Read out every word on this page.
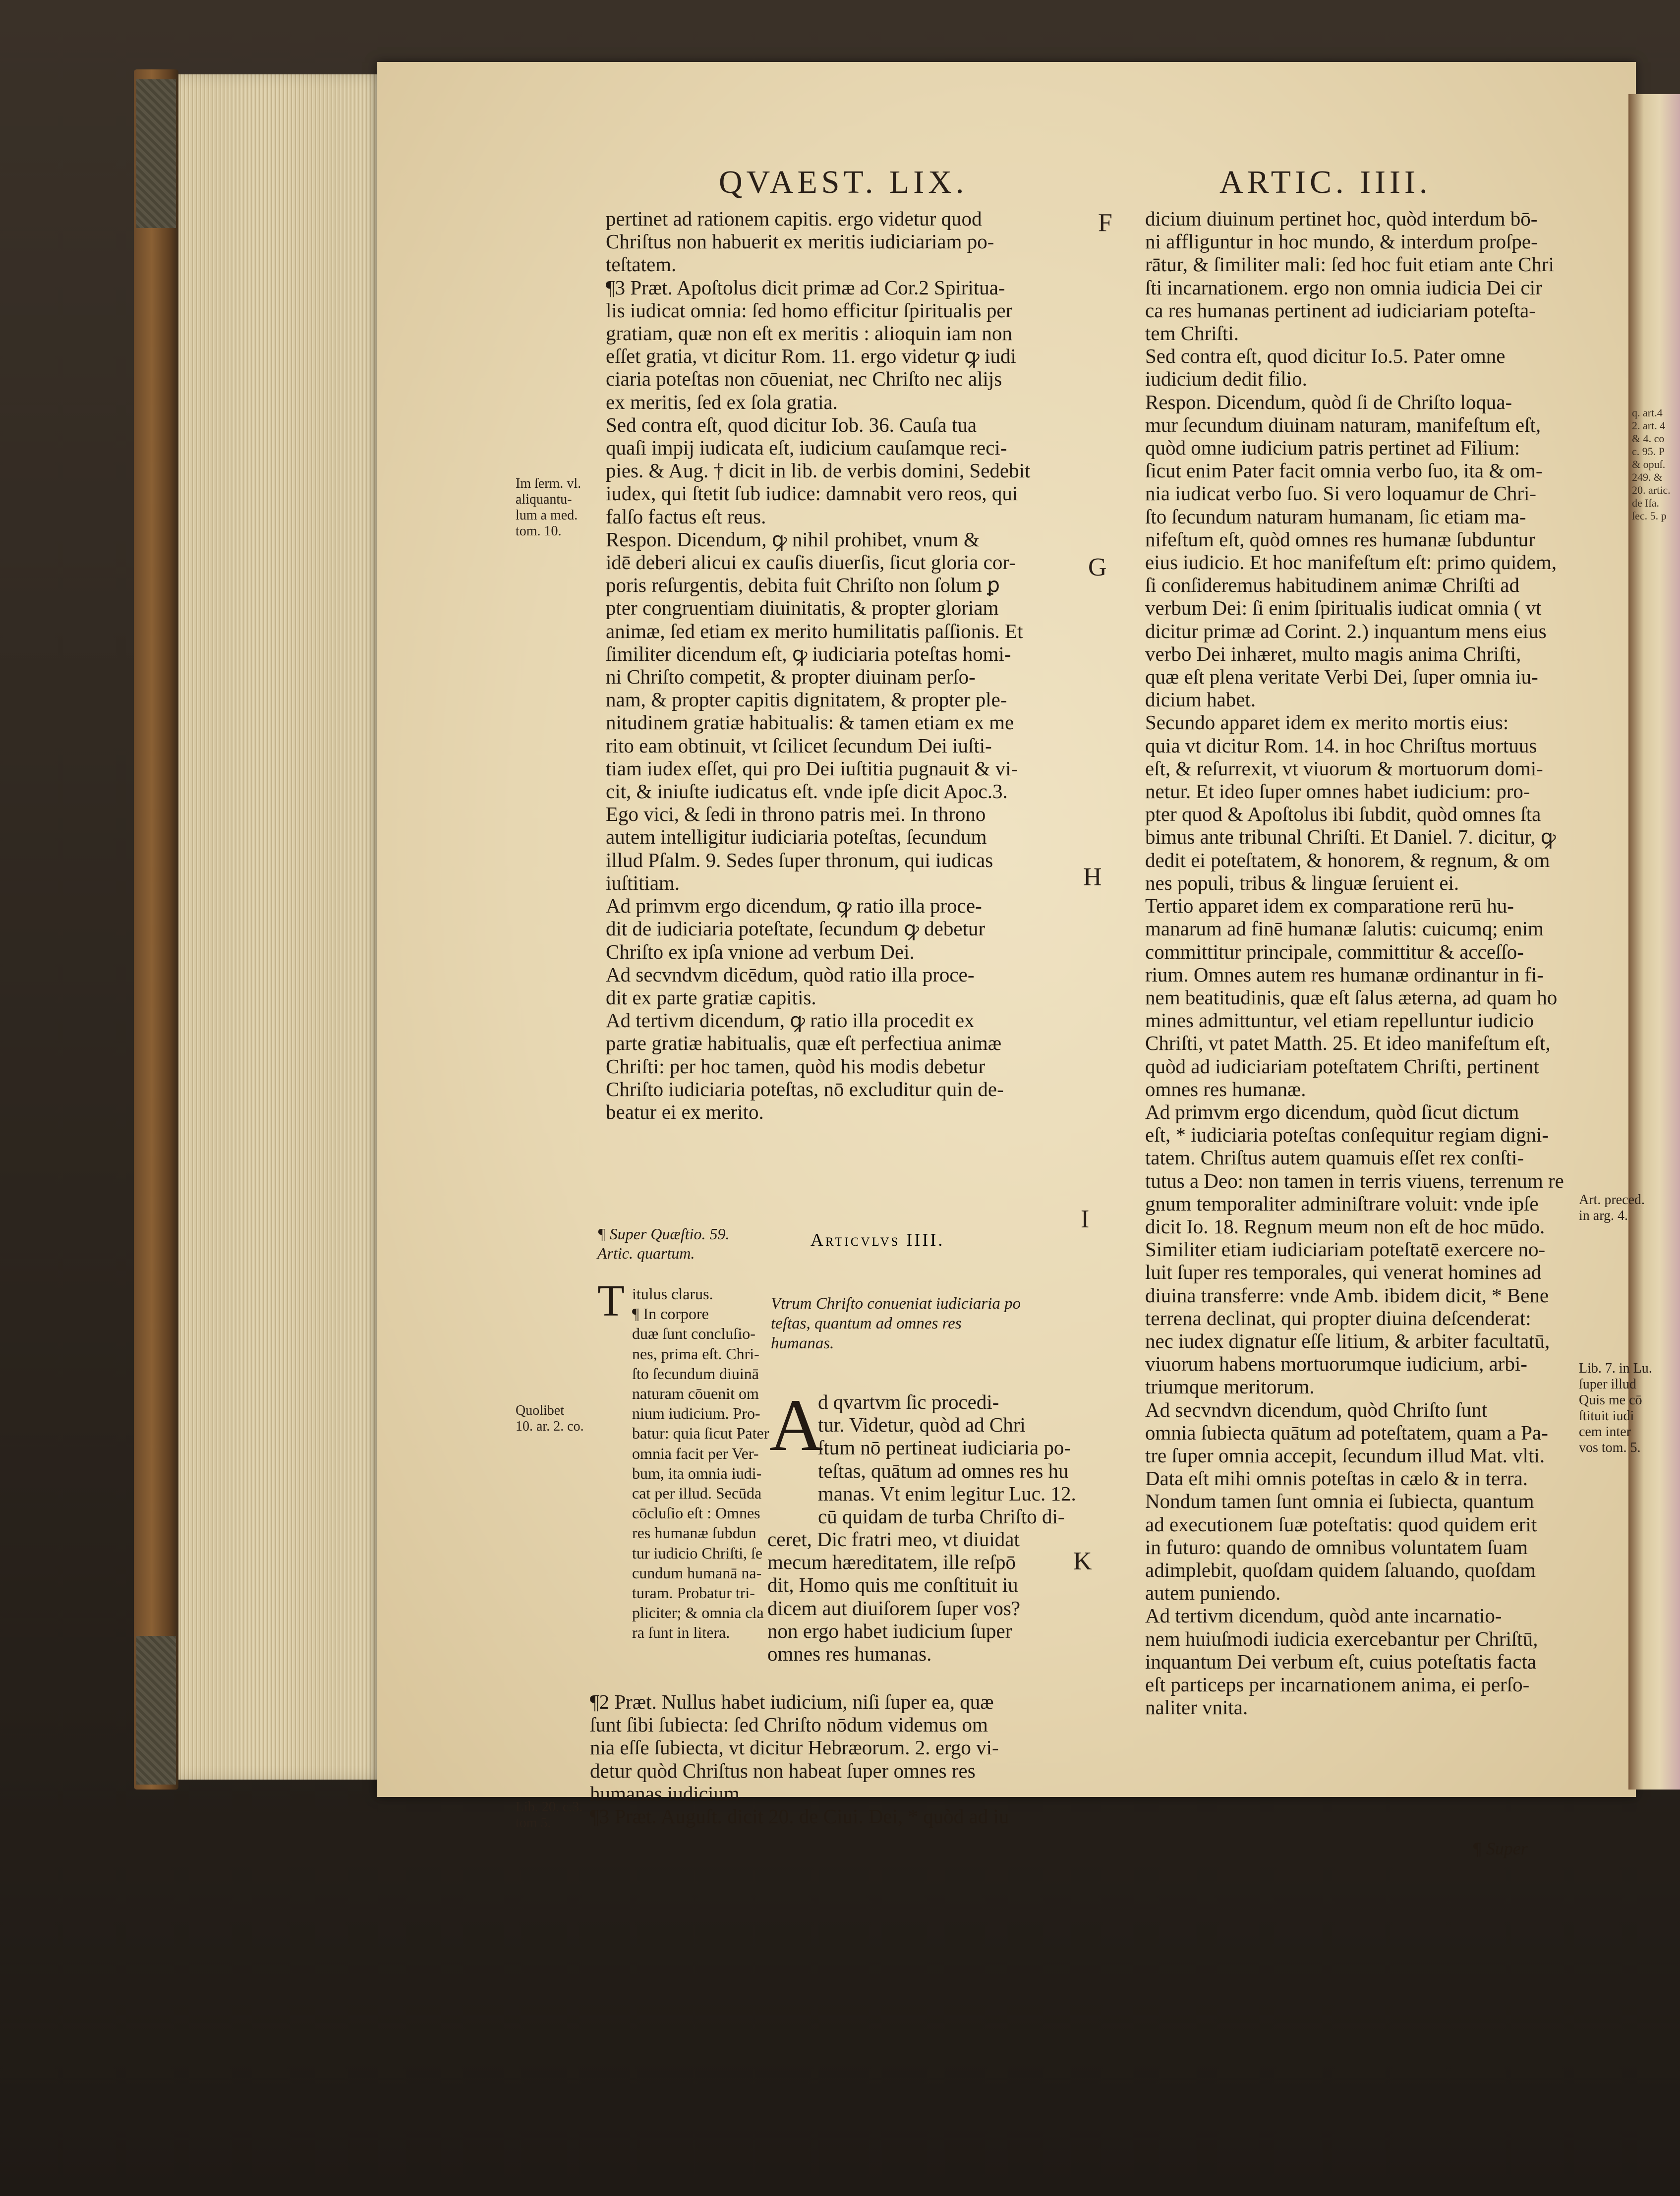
q. art.4
2. art. 4
& 4. co
c. 95. P
& opuſ.
249. &
20. artic.
de Iſa.
ſec. 5. p
QVAEST. LIX.	ARTIC. IIII.
F
G
H
I
K

pertinet ad rationem capitis. ergo videtur quod

Chriſtus non habuerit ex meritis iudiciariam po-

teſtatem.

¶3 Præt. Apoſtolus dicit primæ ad Cor.2 Spiritua-

lis iudicat omnia: ſed homo efficitur ſpiritualis per

gratiam, quæ non eſt ex meritis : alioquin iam non

eſſet gratia, vt dicitur Rom. 11. ergo videtur ꝙ iudi

ciaria poteſtas non cōueniat, nec Chriſto nec alijs

ex meritis, ſed ex ſola gratia.

Sed contra eſt, quod dicitur Iob. 36. Cauſa tua

quaſi impij iudicata eſt, iudicium cauſamque reci-

pies. & Aug. † dicit in lib. de verbis domini, Sedebit

iudex, qui ſtetit ſub iudice: damnabit vero reos, qui

falſo factus eſt reus.

Respon. Dicendum, ꝙ nihil prohibet, vnum &

idē deberi alicui ex cauſis diuerſis, ſicut gloria cor-

poris reſurgentis, debita fuit Chriſto non ſolum ꝑ

pter congruentiam diuinitatis, & propter gloriam

animæ, ſed etiam ex merito humilitatis paſſionis. Et

ſimiliter dicendum eſt, ꝙ iudiciaria poteſtas homi-

ni Chriſto competit, & propter diuinam perſo-

nam, & propter capitis dignitatem, & propter ple-

nitudinem gratiæ habitualis: & tamen etiam ex me

rito eam obtinuit, vt ſcilicet ſecundum Dei iuſti-

tiam iudex eſſet, qui pro Dei iuſtitia pugnauit & vi-

cit, & iniuſte iudicatus eſt. vnde ipſe dicit Apoc.3.

Ego vici, & ſedi in throno patris mei. In throno

autem intelligitur iudiciaria poteſtas, ſecundum

illud Pſalm. 9. Sedes ſuper thronum, qui iudicas

iuſtitiam.

Ad primvm ergo dicendum, ꝙ ratio illa proce-

dit de iudiciaria poteſtate, ſecundum ꝙ debetur

Chriſto ex ipſa vnione ad verbum Dei.

Ad secvndvm dicēdum, quòd ratio illa proce-

dit ex parte gratiæ capitis.

Ad tertivm dicendum, ꝙ ratio illa procedit ex

parte gratiæ habitualis, quæ eſt perfectiua animæ

Chriſti: per hoc tamen, quòd his modis debetur

Chriſto iudiciaria poteſtas, nō excluditur quin de-

beatur ei ex merito.

Im ſerm. vl.
aliquantu-
lum a med.
tom. 10.
Quolibet
10. ar. 2. co.
Lib. 20. c.3.
tom 5.
Art. preced.
in arg. 4.
Lib. 7. in Lu.
ſuper illud
Quis me cō
ſtituit iudi
cem inter
vos tom. 5.

¶ Super Quæſtio. 59.

Artic. quartum.

T itulus clarus.

¶ In corpore

duæ ſunt concluſio-

nes, prima eſt. Chri-

ſto ſecundum diuinā

naturam cōuenit om

nium iudicium. Pro-

batur: quia ſicut Pater

omnia facit per Ver-

bum, ita omnia iudi-

cat per illud. Secūda

cōcluſio eſt : Omnes

res humanæ ſubdun

tur iudicio Chriſti, ſe

cundum humanā na-

turam. Probatur tri-

pliciter; & omnia cla

ra ſunt in litera.

Articvlvs IIII.

Vtrum Chriſto conueniat iudiciaria po

teſtas, quantum ad omnes res

humanas.

A

d qvartvm ſic procedi-

tur. Videtur, quòd ad Chri

ſtum nō pertineat iudiciaria po-

teſtas, quātum ad omnes res hu

manas. Vt enim legitur Luc. 12.

cū quidam de turba Chriſto di-

ceret, Dic fratri meo, vt diuidat

mecum hæreditatem, ille reſpō

dit, Homo quis me conſtituit iu

dicem aut diuiſorem ſuper vos?

non ergo habet iudicium ſuper

omnes res humanas.

¶2 Præt. Nullus habet iudicium, niſi ſuper ea, quæ

ſunt ſibi ſubiecta: ſed Chriſto nōdum videmus om

nia eſſe ſubiecta, vt dicitur Hebræorum. 2. ergo vi-

detur quòd Chriſtus non habeat ſuper omnes res

humanas iudicium.

¶3 Præt. Auguſt. dicit 20. de Ciui. Dei, * quòd ad iu

dicium diuinum pertinet hoc, quòd interdum bō-

ni affliguntur in hoc mundo, & interdum proſpe-

rātur, & ſimiliter mali: ſed hoc fuit etiam ante Chri

ſti incarnationem. ergo non omnia iudicia Dei cir

ca res humanas pertinent ad iudiciariam poteſta-

tem Chriſti.

Sed contra eſt, quod dicitur Io.5. Pater omne

iudicium dedit filio.

Respon. Dicendum, quòd ſi de Chriſto loqua-

mur ſecundum diuinam naturam, manifeſtum eſt,

quòd omne iudicium patris pertinet ad Filium:

ſicut enim Pater facit omnia verbo ſuo, ita & om-

nia iudicat verbo ſuo. Si vero loquamur de Chri-

ſto ſecundum naturam humanam, ſic etiam ma-

nifeſtum eſt, quòd omnes res humanæ ſubduntur

eius iudicio. Et hoc manifeſtum eſt: primo quidem,

ſi conſideremus habitudinem animæ Chriſti ad

verbum Dei: ſi enim ſpiritualis iudicat omnia ( vt

dicitur primæ ad Corint. 2.) inquantum mens eius

verbo Dei inhæret, multo magis anima Chriſti,

quæ eſt plena veritate Verbi Dei, ſuper omnia iu-

dicium habet.

Secundo apparet idem ex merito mortis eius:

quia vt dicitur Rom. 14. in hoc Chriſtus mortuus

eſt, & reſurrexit, vt viuorum & mortuorum domi-

netur. Et ideo ſuper omnes habet iudicium: pro-

pter quod & Apoſtolus ibi ſubdit, quòd omnes ſta

bimus ante tribunal Chriſti. Et Daniel. 7. dicitur, ꝙ

dedit ei poteſtatem, & honorem, & regnum, & om

nes populi, tribus & linguæ ſeruient ei.

Tertio apparet idem ex comparatione rerū hu-

manarum ad finē humanæ ſalutis: cuicumq; enim

committitur principale, committitur & acceſſo-

rium. Omnes autem res humanæ ordinantur in fi-

nem beatitudinis, quæ eſt ſalus æterna, ad quam ho

mines admittuntur, vel etiam repelluntur iudicio

Chriſti, vt patet Matth. 25. Et ideo manifeſtum eſt,

quòd ad iudiciariam poteſtatem Chriſti, pertinent

omnes res humanæ.

Ad primvm ergo dicendum, quòd ſicut dictum

eſt, * iudiciaria poteſtas conſequitur regiam digni-

tatem. Chriſtus autem quamuis eſſet rex conſti-

tutus a Deo: non tamen in terris viuens, terrenum re

gnum temporaliter adminiſtrare voluit: vnde ipſe

dicit Io. 18. Regnum meum non eſt de hoc mūdo.

Similiter etiam iudiciariam poteſtatē exercere no-

luit ſuper res temporales, qui venerat homines ad

diuina transferre: vnde Amb. ibidem dicit, * Bene

terrena declinat, qui propter diuina deſcenderat:

nec iudex dignatur eſſe litium, & arbiter facultatū,

viuorum habens mortuorumque iudicium, arbi-

triumque meritorum.

Ad secvndvn dicendum, quòd Chriſto ſunt

omnia ſubiecta quātum ad poteſtatem, quam a Pa-

tre ſuper omnia accepit, ſecundum illud Mat. vlti.

Data eſt mihi omnis poteſtas in cælo & in terra.

Nondum tamen ſunt omnia ei ſubiecta, quantum

ad executionem ſuæ poteſtatis: quod quidem erit

in futuro: quando de omnibus voluntatem ſuam

adimplebit, quoſdam quidem ſaluando, quoſdam

autem puniendo.

Ad tertivm dicendum, quòd ante incarnatio-

nem huiuſmodi iudicia exercebantur per Chriſtū,

inquantum Dei verbum eſt, cuius poteſtatis facta

eſt particeps per incarnationem anima, ei perſo-

naliter vnita.

¶ Super
